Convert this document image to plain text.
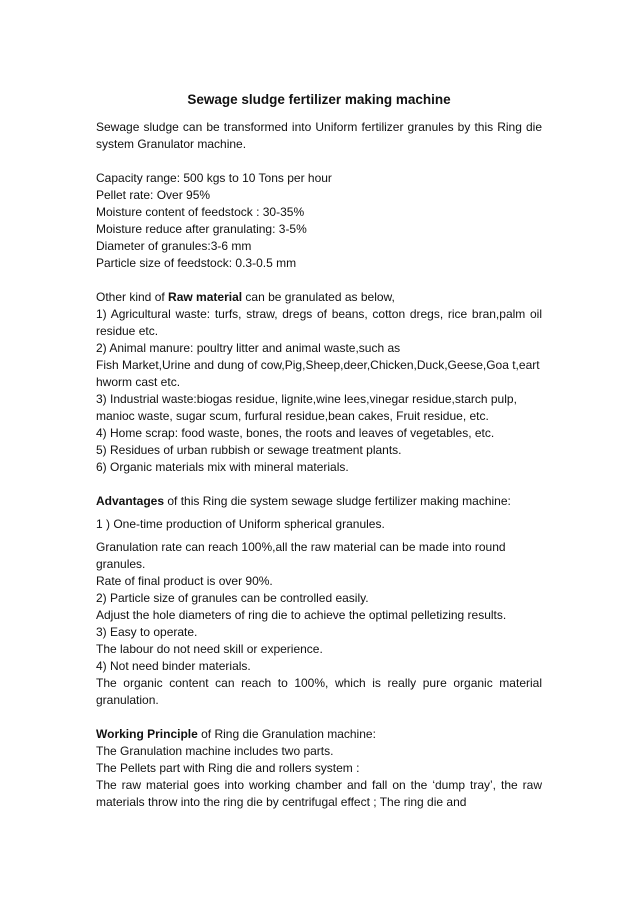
Sewage sludge fertilizer making machine

Sewage sludge can be transformed into Uniform fertilizer granules by this Ring die system Granulator machine.

Capacity range: 500 kgs to 10 Tons per hour

Pellet rate: Over 95%

Moisture content of feedstock : 30-35%

Moisture reduce after granulating: 3-5%

Diameter of granules:3-6 mm

Particle size of feedstock: 0.3-0.5 mm

Other kind of Raw material can be granulated as below,

1) Agricultural waste: turfs, straw, dregs of beans, cotton dregs, rice bran,palm oil residue etc.

2) Animal manure: poultry litter and animal waste,such as

Fish Market,Urine and dung of cow,Pig,Sheep,deer,Chicken,Duck,Geese,Goa t,earthworm cast etc.

3) Industrial waste:biogas residue, lignite,wine lees,vinegar residue,starch pulp, manioc waste, sugar scum, furfural residue,bean cakes, Fruit residue, etc.

4) Home scrap: food waste, bones, the roots and leaves of vegetables, etc.

5) Residues of urban rubbish or sewage treatment plants.

6) Organic materials mix with mineral materials.

Advantages of this Ring die system sewage sludge fertilizer making machine:

1 ) One-time production of Uniform spherical granules.

Granulation rate can reach 100%,all the raw material can be made into round granules.

Rate of final product is over 90%.

2) Particle size of granules can be controlled easily.

Adjust the hole diameters of ring die to achieve the optimal pelletizing results.

3) Easy to operate.

The labour do not need skill or experience.

4) Not need binder materials.

The organic content can reach to 100%, which is really pure organic material granulation.

Working Principle of Ring die Granulation machine:

The Granulation machine includes two parts.

The Pellets part with Ring die and rollers system :

The raw material goes into working chamber and fall on the ‘dump tray’, the raw materials throw into the ring die by centrifugal effect ; The ring die and
